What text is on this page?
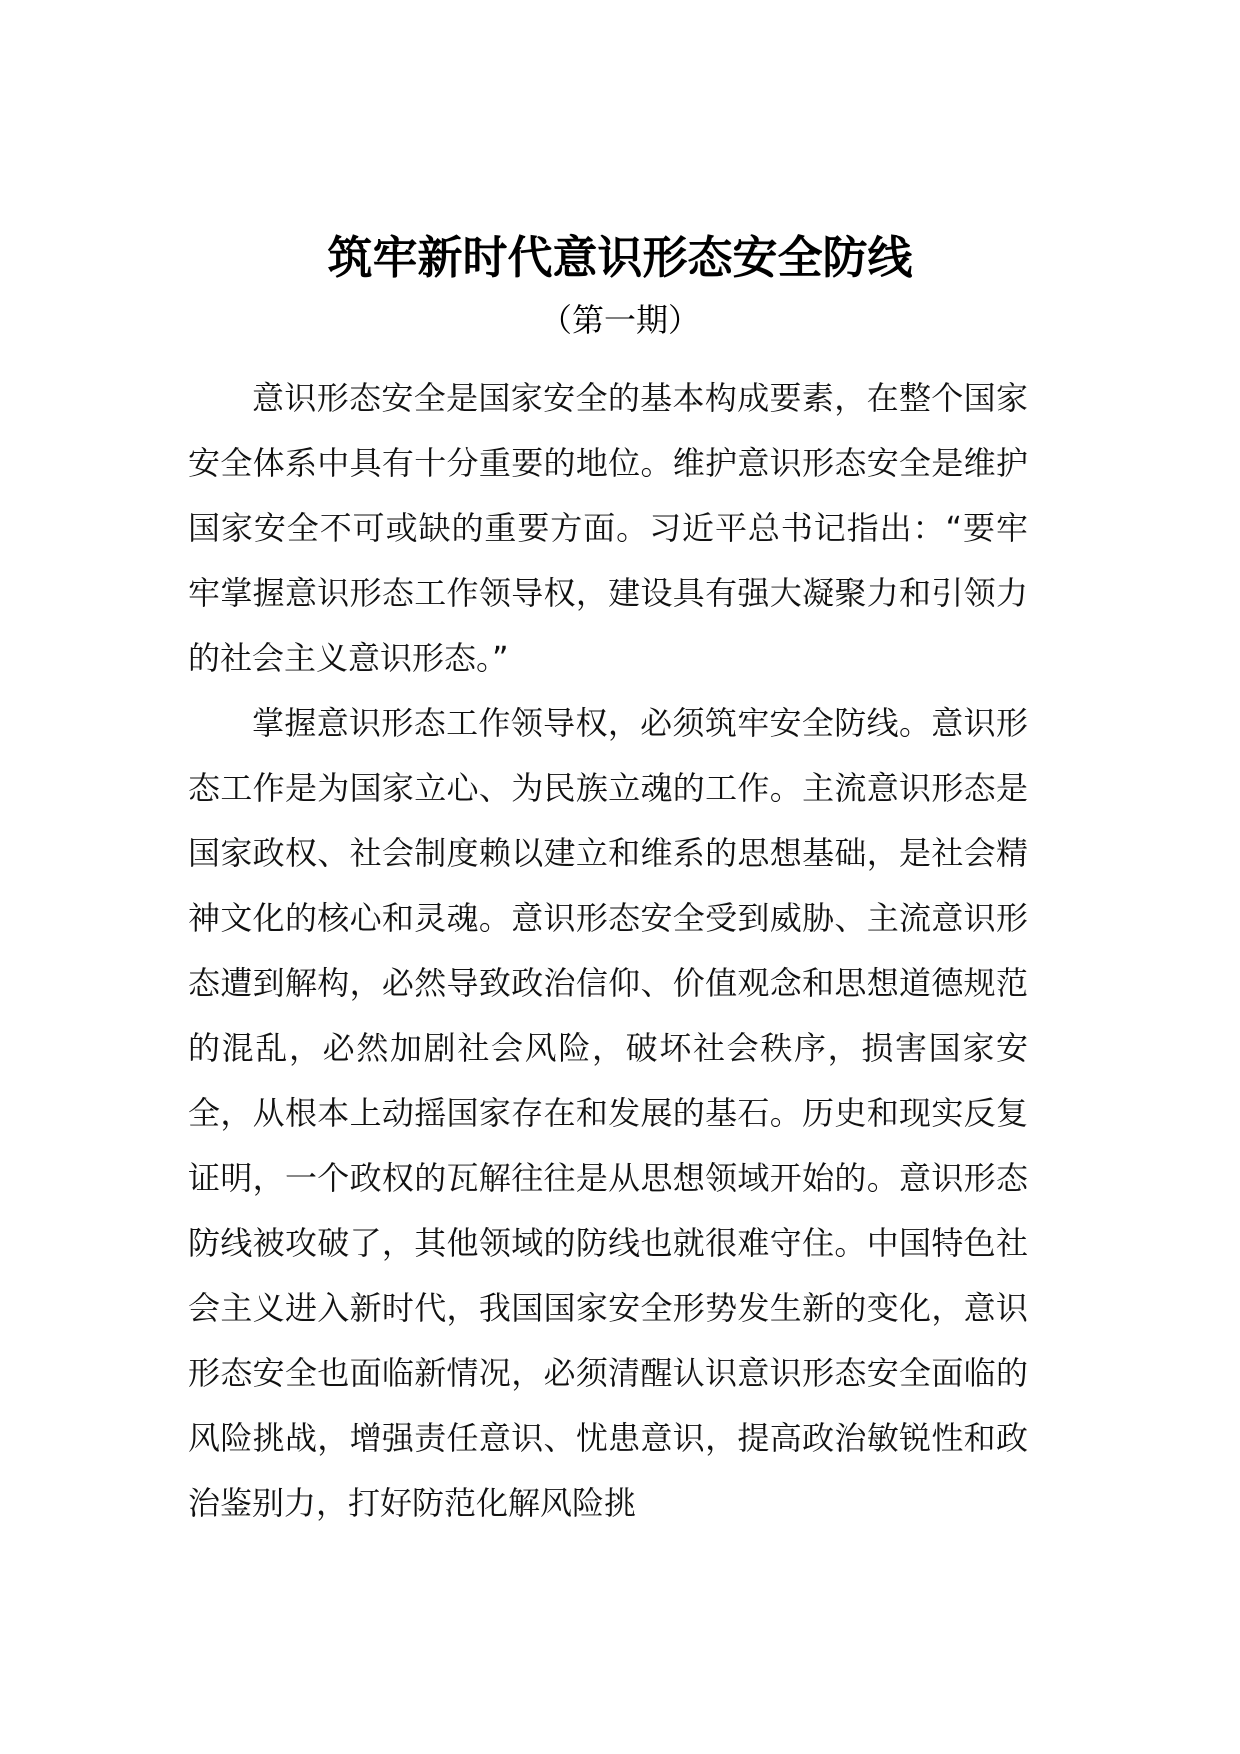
筑牢新时代意识形态安全防线

（第一期）

意识形态安全是国家安全的基本构成要素，在整个国家安全体系中具有十分重要的地位。维护意识形态安全是维护国家安全不可或缺的重要方面。习近平总书记指出：“要牢牢掌握意识形态工作领导权，建设具有强大凝聚力和引领力的社会主义意识形态。”

掌握意识形态工作领导权，必须筑牢安全防线。意识形态工作是为国家立心、为民族立魂的工作。主流意识形态是国家政权、社会制度赖以建立和维系的思想基础，是社会精神文化的核心和灵魂。意识形态安全受到威胁、主流意识形态遭到解构，必然导致政治信仰、价值观念和思想道德规范的混乱，必然加剧社会风险，破坏社会秩序，损害国家安全，从根本上动摇国家存在和发展的基石。历史和现实反复证明，一个政权的瓦解往往是从思想领域开始的。意识形态防线被攻破了，其他领域的防线也就很难守住。中国特色社会主义进入新时代，我国国家安全形势发生新的变化，意识形态安全也面临新情况，必须清醒认识意识形态安全面临的风险挑战，增强责任意识、忧患意识，提高政治敏锐性和政治鉴别力，打好防范化解风险挑
